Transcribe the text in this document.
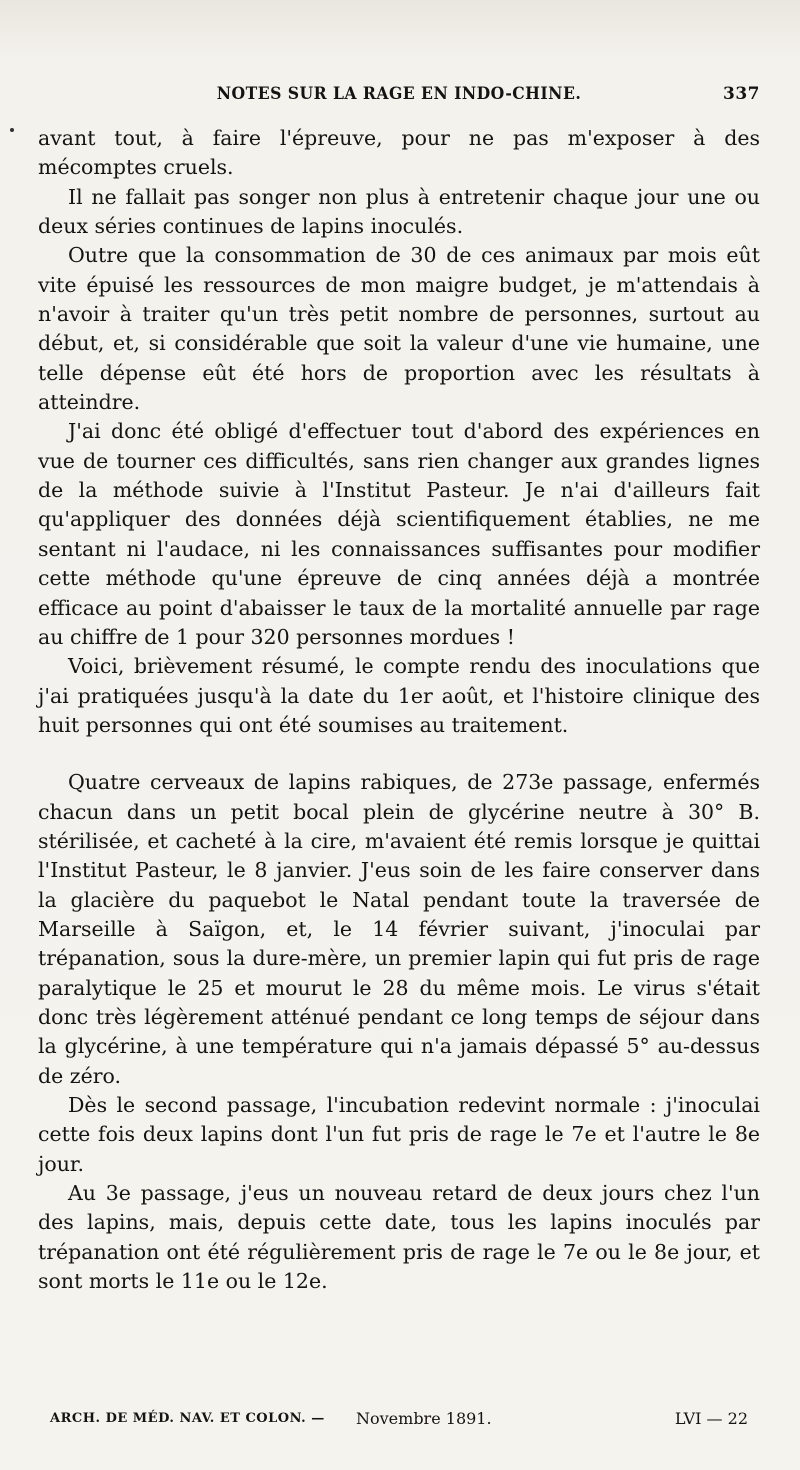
NOTES SUR LA RAGE EN INDO-CHINE.	337

avant tout, à faire l'épreuve, pour ne pas m'exposer à des mécomptes cruels.

Il ne fallait pas songer non plus à entretenir chaque jour une ou deux séries continues de lapins inoculés.

Outre que la consommation de 30 de ces animaux par mois eût vite épuisé les ressources de mon maigre budget, je m'attendais à n'avoir à traiter qu'un très petit nombre de personnes, surtout au début, et, si considérable que soit la valeur d'une vie humaine, une telle dépense eût été hors de proportion avec les résultats à atteindre.

J'ai donc été obligé d'effectuer tout d'abord des expériences en vue de tourner ces difficultés, sans rien changer aux grandes lignes de la méthode suivie à l'Institut Pasteur. Je n'ai d'ailleurs fait qu'appliquer des données déjà scientifiquement établies, ne me sentant ni l'audace, ni les connaissances suffisantes pour modifier cette méthode qu'une épreuve de cinq années déjà a montrée efficace au point d'abaisser le taux de la mortalité annuelle par rage au chiffre de 1 pour 320 personnes mordues !

Voici, brièvement résumé, le compte rendu des inoculations que j'ai pratiquées jusqu'à la date du 1er août, et l'histoire clinique des huit personnes qui ont été soumises au traitement.

Quatre cerveaux de lapins rabiques, de 273e passage, enfermés chacun dans un petit bocal plein de glycérine neutre à 30° B. stérilisée, et cacheté à la cire, m'avaient été remis lorsque je quittai l'Institut Pasteur, le 8 janvier. J'eus soin de les faire conserver dans la glacière du paquebot le Natal pendant toute la traversée de Marseille à Saïgon, et, le 14 février suivant, j'inoculai par trépanation, sous la dure-mère, un premier lapin qui fut pris de rage paralytique le 25 et mourut le 28 du même mois. Le virus s'était donc très légèrement atténué pendant ce long temps de séjour dans la glycérine, à une température qui n'a jamais dépassé 5° au-dessus de zéro.

Dès le second passage, l'incubation redevint normale : j'inoculai cette fois deux lapins dont l'un fut pris de rage le 7e et l'autre le 8e jour.

Au 3e passage, j'eus un nouveau retard de deux jours chez l'un des lapins, mais, depuis cette date, tous les lapins inoculés par trépanation ont été régulièrement pris de rage le 7e ou le 8e jour, et sont morts le 11e ou le 12e.

ARCH. DE MÉD. NAV. ET COLON. — Novembre 1891.	LVI — 22
